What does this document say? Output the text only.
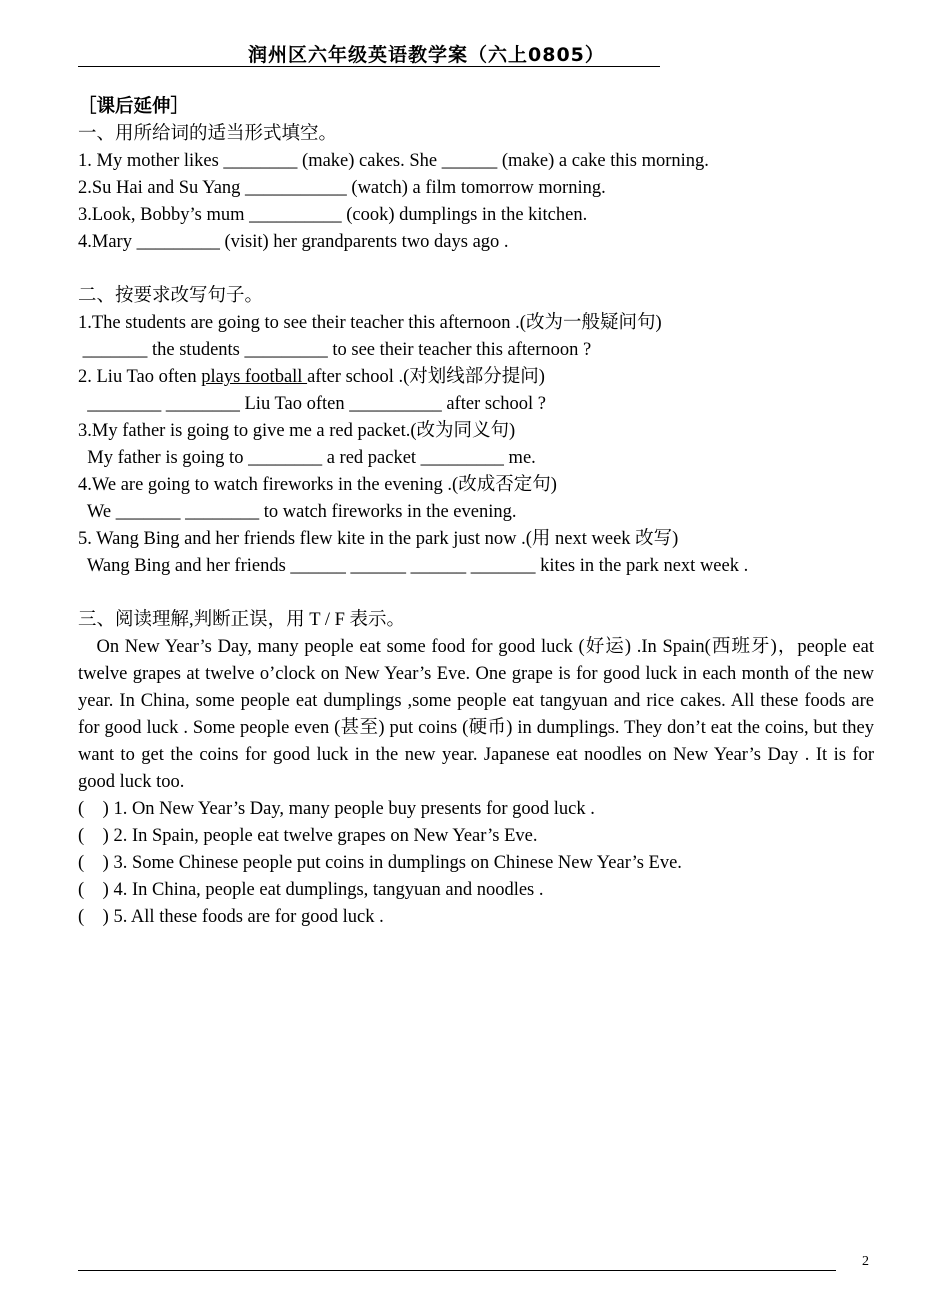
润州区六年级英语教学案（六上0805）
［课后延伸］
一、用所给词的适当形式填空。
1. My mother likes ________ (make) cakes. She ______ (make) a cake this morning.
2.Su Hai and Su Yang ___________ (watch) a film tomorrow morning.
3.Look, Bobby’s mum __________ (cook) dumplings in the kitchen.
4.Mary _________ (visit) her grandparents two days ago .
二、按要求改写句子。
1.The students are going to see their teacher this afternoon .(改为一般疑问句)
_______ the students _________ to see their teacher this afternoon ?
2. Liu Tao often plays football after school .(对划线部分提问)
________ ________ Liu Tao often __________ after school ?
3.My father is going to give me a red packet.(改为同义句)
My father is going to ________ a red packet _________ me.
4.We are going to watch fireworks in the evening .(改成否定句)
We _______ ________ to watch fireworks in the evening.
5. Wang Bing and her friends flew kite in the park just now .(用 next week 改写)
Wang Bing and her friends ______ ______ ______ _______ kites in the park next week .
三、阅读理解,判断正误，用 T / F 表示。
 On New Year’s Day, many people eat some food for good luck (好运) .In Spain(西班牙)，people eat twelve grapes at twelve o’clock on New Year’s Eve. One grape is for good luck in each month of the new year. In China, some people eat dumplings ,some people eat tangyuan and rice cakes. All these foods are for good luck . Some people even (甚至) put coins (硬币) in dumplings. They don’t eat the coins, but they want to get the coins for good luck in the new year. Japanese eat noodles on New Year’s Day . It is for good luck too.
(    ) 1. On New Year’s Day, many people buy presents for good luck .
(    ) 2. In Spain, people eat twelve grapes on New Year’s Eve.
(    ) 3. Some Chinese people put coins in dumplings on Chinese New Year’s Eve.
(    ) 4. In China, people eat dumplings, tangyuan and noodles .
(    ) 5. All these foods are for good luck .
2
